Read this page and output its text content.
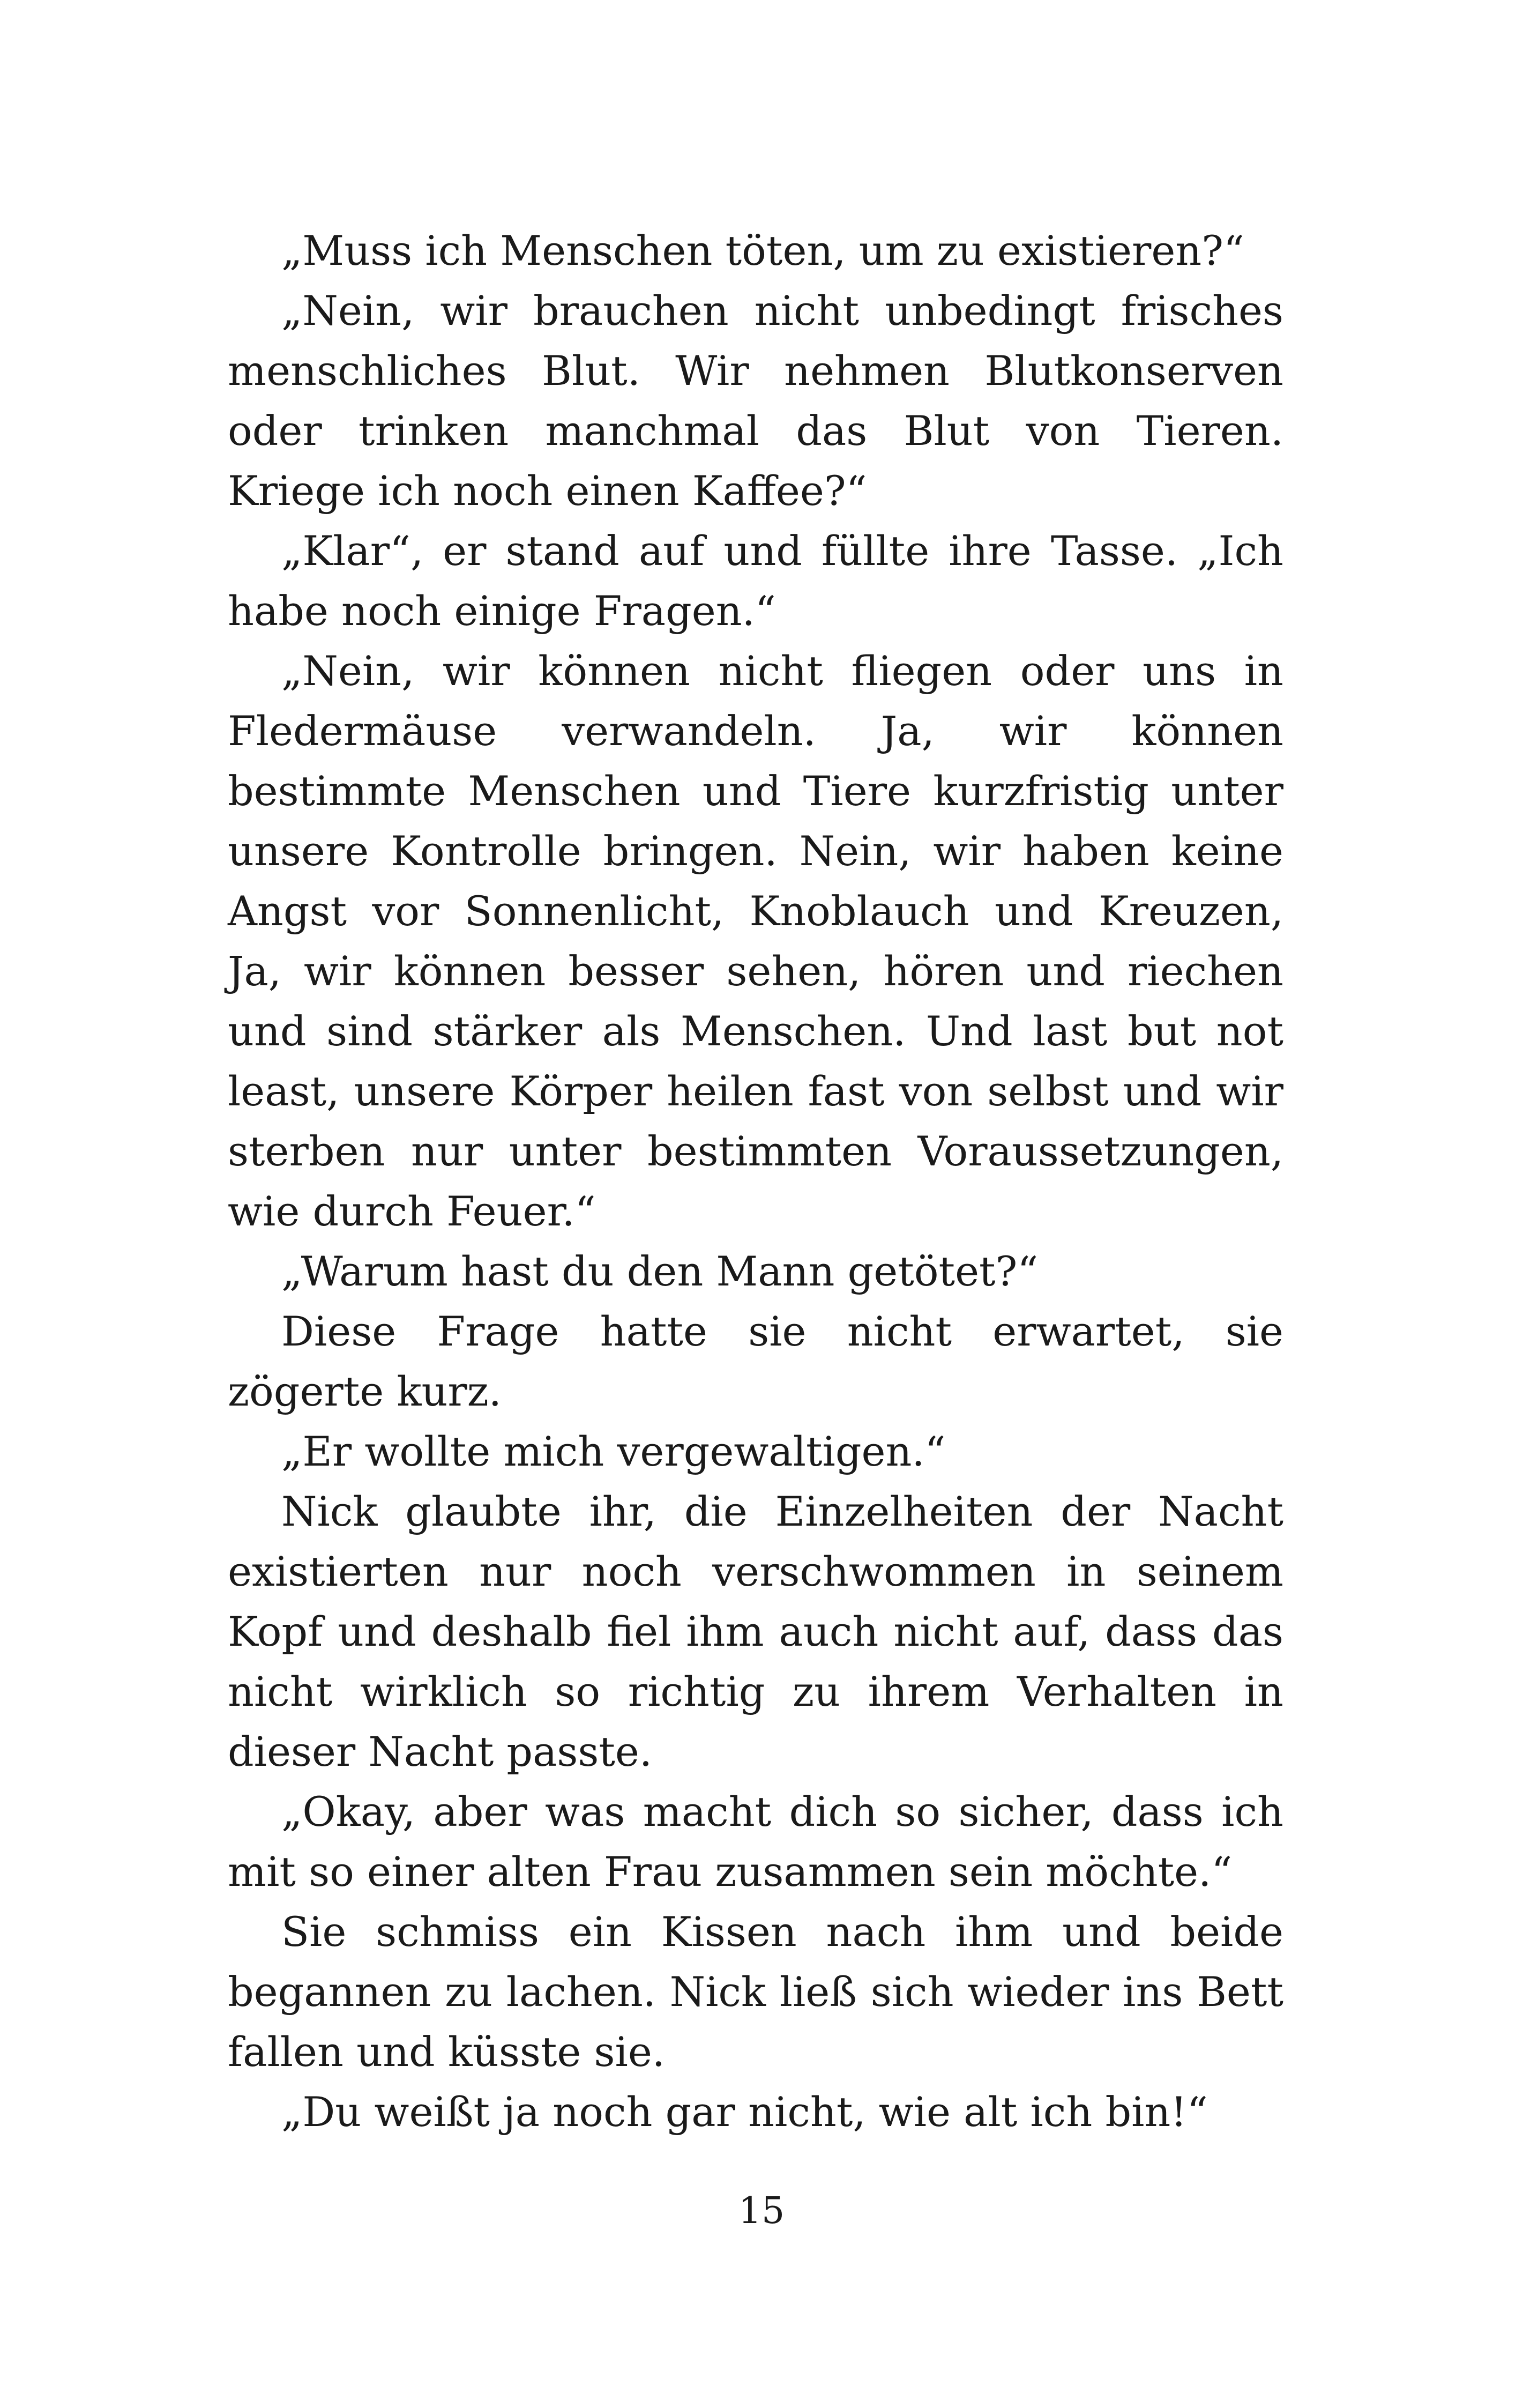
„Muss ich Menschen töten, um zu existieren?“

„Nein, wir brauchen nicht unbedingt frisches menschliches Blut. Wir nehmen Blutkonserven oder trinken manchmal das Blut von Tieren. Kriege ich noch einen Kaffee?“

„Klar“, er stand auf und füllte ihre Tasse. „Ich habe noch einige Fragen.“

„Nein, wir können nicht fliegen oder uns in Fledermäuse verwandeln. Ja, wir können bestimmte Menschen und Tiere kurzfristig unter unsere Kontrolle bringen. Nein, wir haben keine Angst vor Sonnenlicht, Knoblauch und Kreuzen, Ja, wir können besser sehen, hören und riechen und sind stärker als Menschen. Und last but not least, unsere Körper heilen fast von selbst und wir sterben nur unter bestimmten Voraussetzungen, wie durch Feuer.“

„Warum hast du den Mann getötet?“

Diese Frage hatte sie nicht erwartet, sie zögerte kurz.

„Er wollte mich vergewaltigen.“

Nick glaubte ihr, die Einzelheiten der Nacht existierten nur noch verschwommen in seinem Kopf und deshalb fiel ihm auch nicht auf, dass das nicht wirklich so richtig zu ihrem Verhalten in dieser Nacht passte.

„Okay, aber was macht dich so sicher, dass ich mit so einer alten Frau zusammen sein möchte.“

Sie schmiss ein Kissen nach ihm und beide begannen zu lachen. Nick ließ sich wieder ins Bett fallen und küsste sie.

„Du weißt ja noch gar nicht, wie alt ich bin!“

15
